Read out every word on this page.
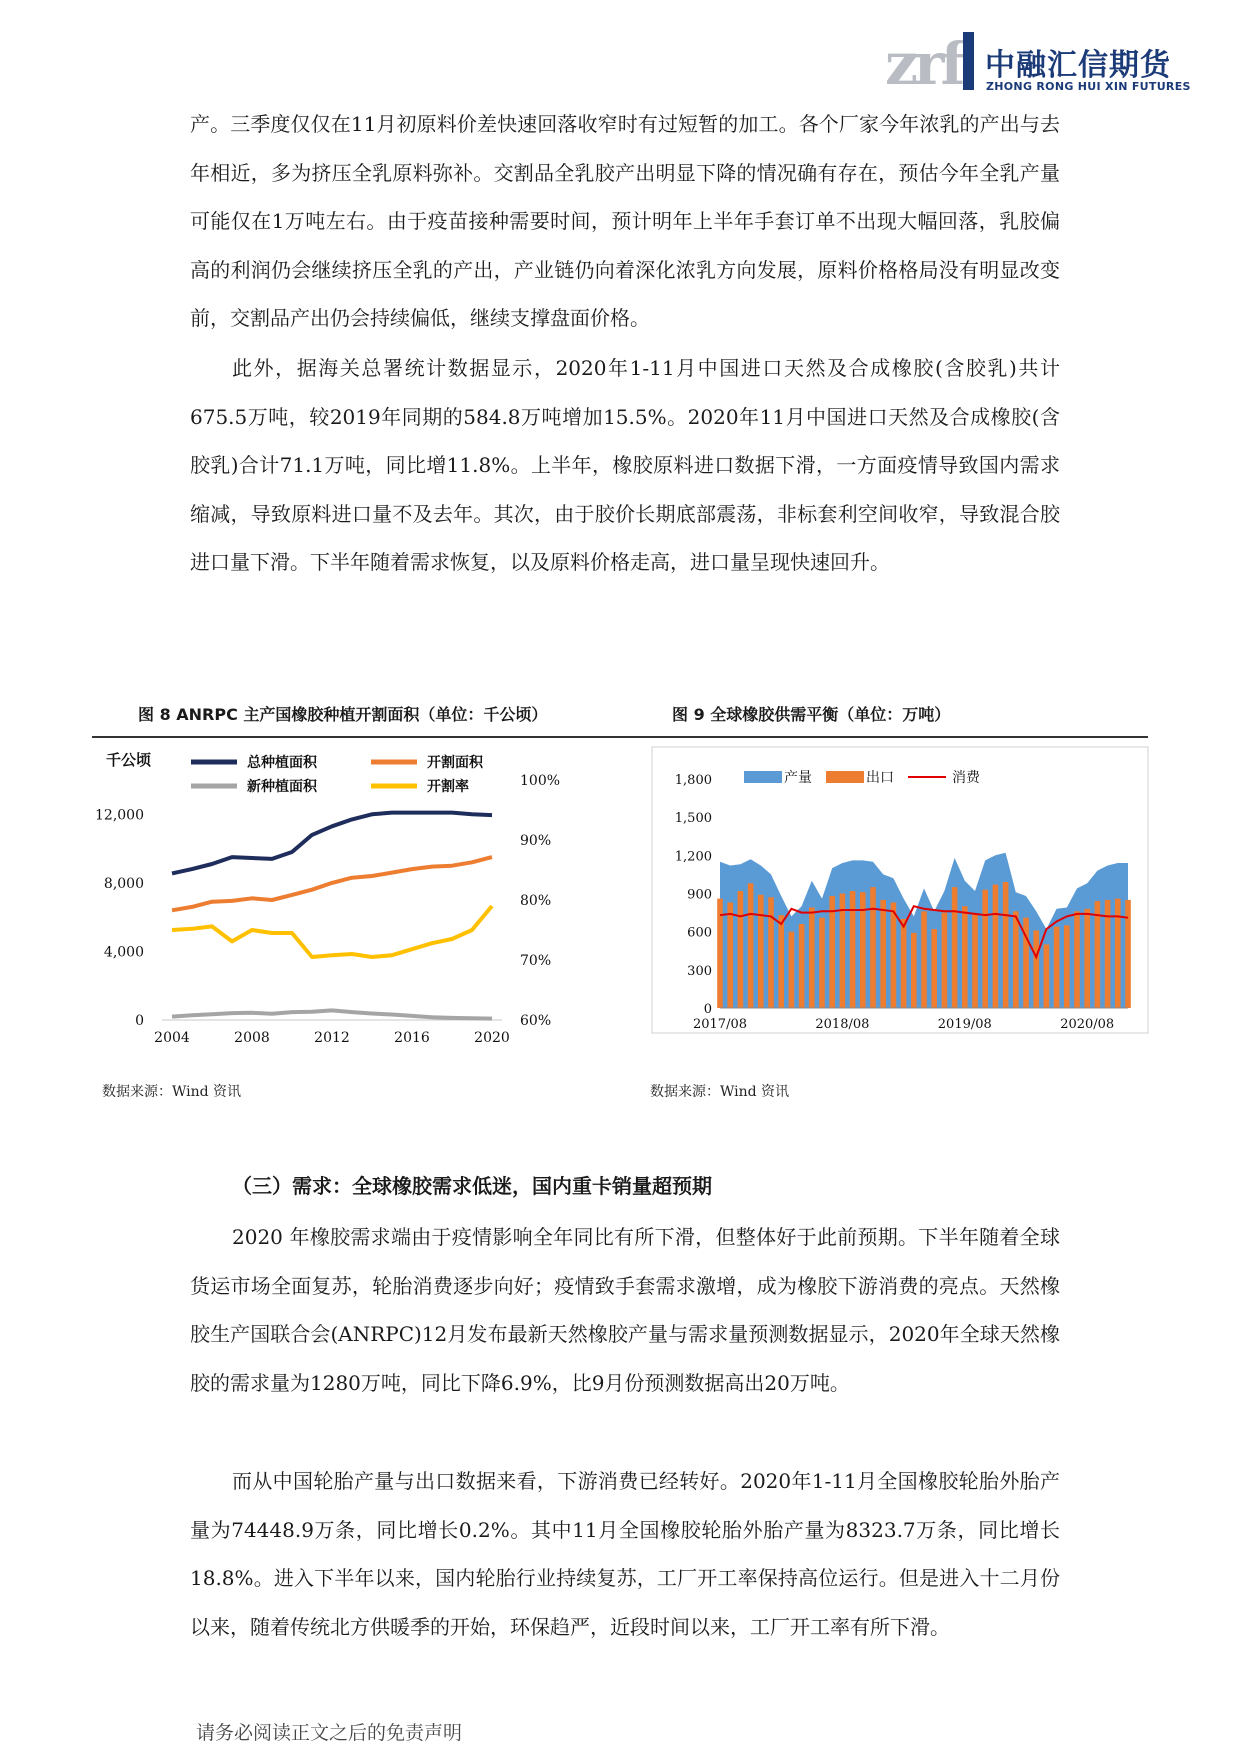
zrf 中融汇信期货
ZHONG RONG HUI XIN FUTURES

产。三季度仅仅在11月初原料价差快速回落收窄时有过短暂的加工。各个厂家今年浓乳的产出与去年相近，多为挤压全乳原料弥补。交割品全乳胶产出明显下降的情况确有存在，预估今年全乳产量可能仅在1万吨左右。由于疫苗接种需要时间，预计明年上半年手套订单不出现大幅回落，乳胶偏高的利润仍会继续挤压全乳的产出，产业链仍向着深化浓乳方向发展，原料价格格局没有明显改变前，交割品产出仍会持续偏低，继续支撑盘面价格。

此外，据海关总署统计数据显示，2020年1-11月中国进口天然及合成橡胶(含胶乳)共计675.5万吨，较2019年同期的584.8万吨增加15.5%。2020年11月中国进口天然及合成橡胶(含胶乳)合计71.1万吨，同比增11.8%。上半年，橡胶原料进口数据下滑，一方面疫情导致国内需求缩减，导致原料进口量不及去年。其次，由于胶价长期底部震荡，非标套利空间收窄，导致混合胶进口量下滑。下半年随着需求恢复，以及原料价格走高，进口量呈现快速回升。

图 8 ANRPC 主产国橡胶种植开割面积（单位：千公顷）	图 9 全球橡胶供需平衡（单位：万吨）
千公顷
0
4,000
8,000
12,000
60%
70%
80%
90%
100%
2004	2008	2012	2016	2020
总种植面积	开割面积
新种植面积	开割率
0
300
600
900
1,200
1,500
1,800
2017/08	2018/08	2019/08	2020/08
产量	出口	消费
数据来源：Wind 资讯	数据来源：Wind 资讯
（三）需求：全球橡胶需求低迷，国内重卡销量超预期

2020 年橡胶需求端由于疫情影响全年同比有所下滑，但整体好于此前预期。下半年随着全球货运市场全面复苏，轮胎消费逐步向好；疫情致手套需求激增，成为橡胶下游消费的亮点。天然橡胶生产国联合会(ANRPC)12月发布最新天然橡胶产量与需求量预测数据显示，2020年全球天然橡胶的需求量为1280万吨，同比下降6.9%，比9月份预测数据高出20万吨。

而从中国轮胎产量与出口数据来看，下游消费已经转好。2020年1-11月全国橡胶轮胎外胎产量为74448.9万条，同比增长0.2%。其中11月全国橡胶轮胎外胎产量为8323.7万条，同比增长18.8%。进入下半年以来，国内轮胎行业持续复苏，工厂开工率保持高位运行。但是进入十二月份以来，随着传统北方供暖季的开始，环保趋严，近段时间以来，工厂开工率有所下滑。

请务必阅读正文之后的免责声明
